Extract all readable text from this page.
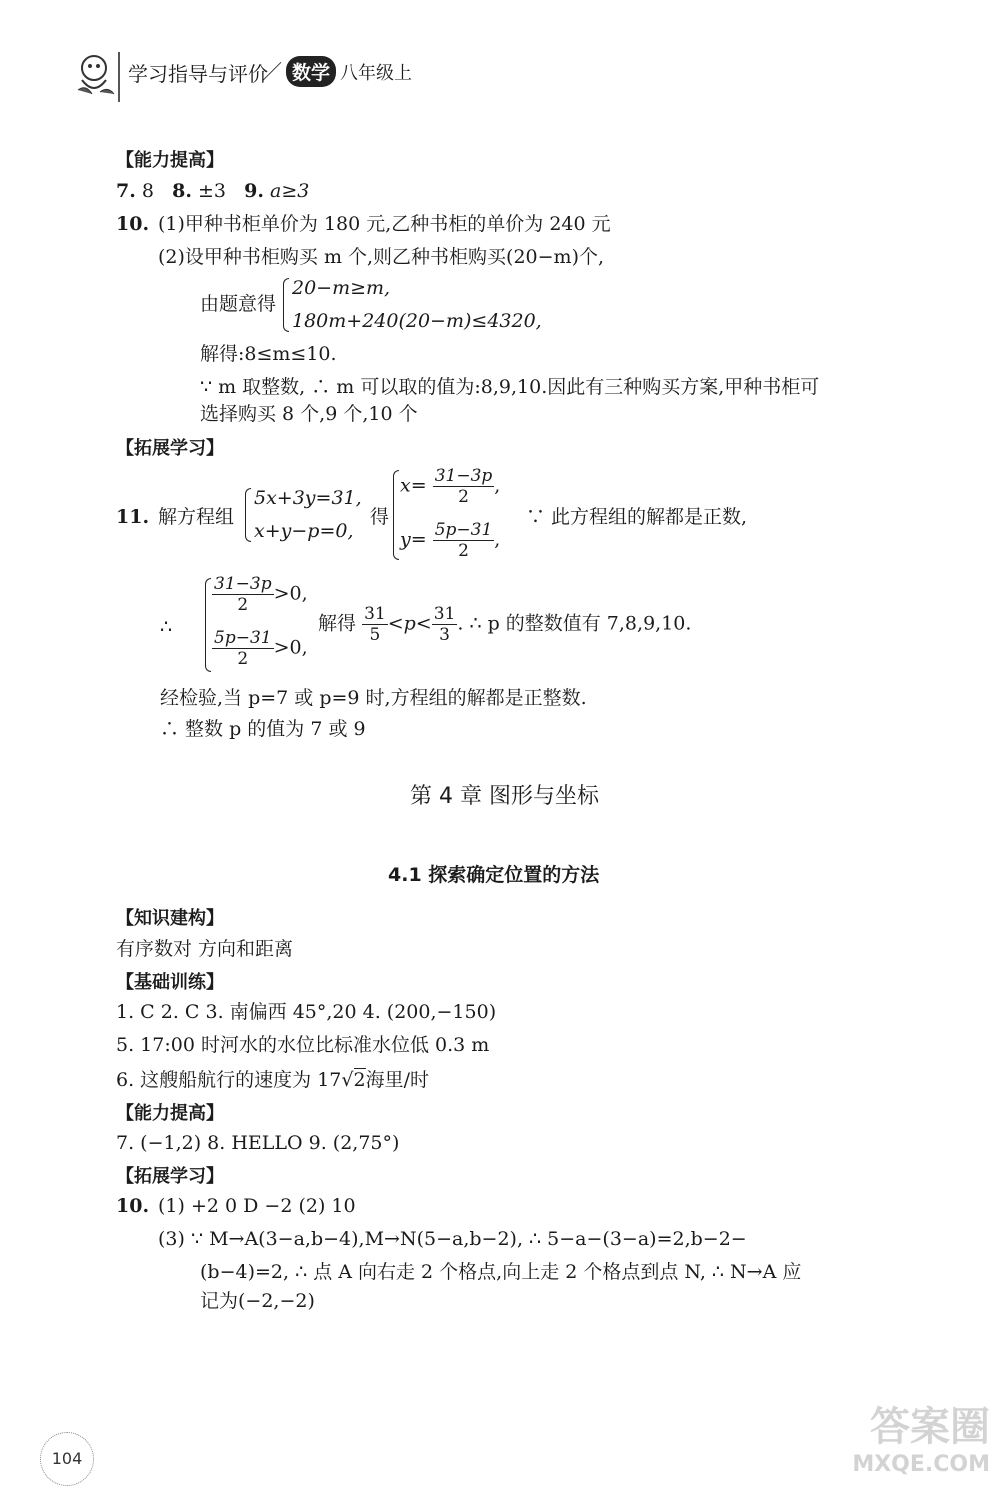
学习指导与评价
／ 数学 八年级上
【能力提高】
7. 8 8. ±3 9. a≥3
10. (1)甲种书柜单价为 180 元,乙种书柜的单价为 240 元
(2)设甲种书柜购买 m 个,则乙种书柜购买(20−m)个,
由题意得
20−m≥m,
180m+240(20−m)≤4320,
解得:8≤m≤10.
∵ m 取整数, ∴ m 可以取的值为:8,9,10.因此有三种购买方案,甲种书柜可
选择购买 8 个,9 个,10 个
【拓展学习】
11. 解方程组
5x+3y=31,
x+y−p=0,
得
$x= \frac{31-3p}{2}$ ,
$y= \frac{5p-31}{2}$ ,
∵ 此方程组的解都是正数,
∴
$\frac{31-3p}{2} >0$,
$\frac{5p-31}{2} >0$,
解得 $\frac{31}{5} <p< \frac{31}{3}$ . ∴ p 的整数值有 7,8,9,10.
经检验,当 p=7 或 p=9 时,方程组的解都是正整数.
∴ 整数 p 的值为 7 或 9
第 4 章 图形与坐标
4.1 探索确定位置的方法
【知识建构】
有序数对 方向和距离
【基础训练】
1. C 2. C 3. 南偏西 45°,20 4. (200,−150)
5. 17:00 时河水的水位比标准水位低 0.3 m
6. 这艘船航行的速度为 17√2海里/时
【能力提高】
7. (−1,2) 8. HELLO 9. (2,75°)
【拓展学习】
10. (1) +2 0 D −2 (2) 10
(3) ∵ M→A(3−a,b−4),M→N(5−a,b−2), ∴ 5−a−(3−a)=2,b−2−
(b−4)=2, ∴ 点 A 向右走 2 个格点,向上走 2 个格点到点 N, ∴ N→A 应
记为(−2,−2)
104
答案圈
MXQE.COM
